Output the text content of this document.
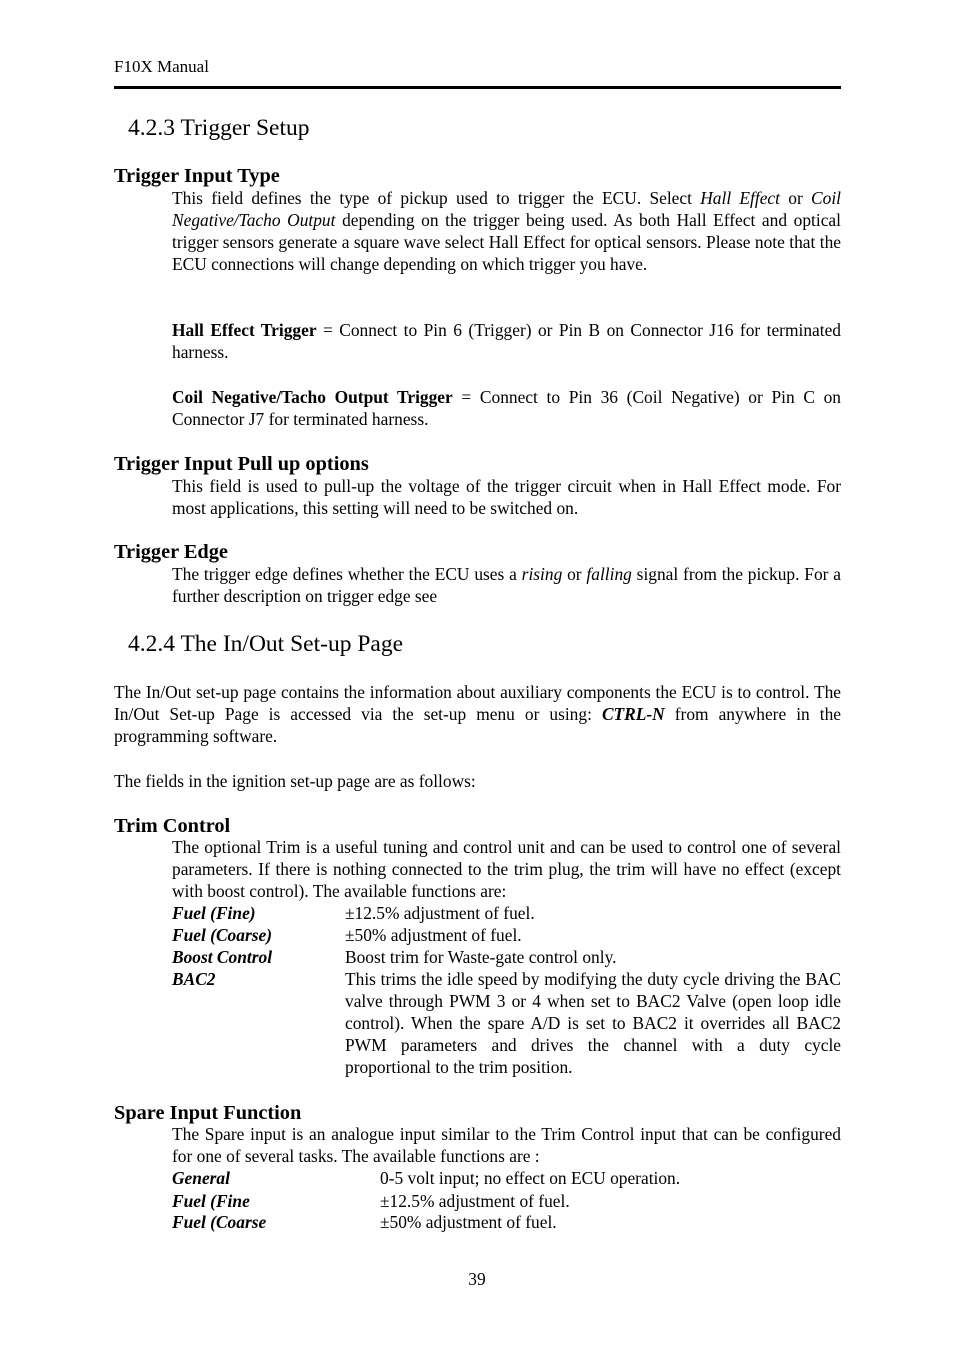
F10X Manual
4.2.3 Trigger Setup
Trigger Input Type

This field defines the type of pickup used to trigger the ECU. Select Hall Effect or Coil Negative/Tacho Output depending on the trigger being used. As both Hall Effect and optical trigger sensors generate a square wave select Hall Effect for optical sensors. Please note that the ECU connections will change depending on which trigger you have.

Hall Effect Trigger = Connect to Pin 6 (Trigger) or Pin B on Connector J16 for terminated harness.

Coil Negative/Tacho Output Trigger = Connect to Pin 36 (Coil Negative) or Pin C on Connector J7 for terminated harness.

Trigger Input Pull up options

This field is used to pull-up the voltage of the trigger circuit when in Hall Effect mode. For most applications, this setting will need to be switched on.

Trigger Edge

The trigger edge defines whether the ECU uses a rising or falling signal from the pickup. For a further description on trigger edge see

4.2.4 The In/Out Set-up Page

The In/Out set-up page contains the information about auxiliary components the ECU is to control. The In/Out Set-up Page is accessed via the set-up menu or using: CTRL-N from anywhere in the programming software.

The fields in the ignition set-up page are as follows:

Trim Control

The optional Trim is a useful tuning and control unit and can be used to control one of several parameters. If there is nothing connected to the trim plug, the trim will have no effect (except with boost control). The available functions are:

Fuel (Fine)	±12.5% adjustment of fuel.
Fuel (Coarse)	±50% adjustment of fuel.
Boost Control	Boost trim for Waste-gate control only.
BAC2	This trims the idle speed by modifying the duty cycle driving the BAC valve through PWM 3 or 4 when set to BAC2 Valve (open loop idle control). When the spare A/D is set to BAC2 it overrides all BAC2 PWM parameters and drives the channel with a duty cycle proportional to the trim position.
Spare Input Function

The Spare input is an analogue input similar to the Trim Control input that can be configured for one of several tasks. The available functions are :

General	0-5 volt input; no effect on ECU operation.
Fuel (Fine	±12.5% adjustment of fuel.
Fuel (Coarse	±50% adjustment of fuel.
39
